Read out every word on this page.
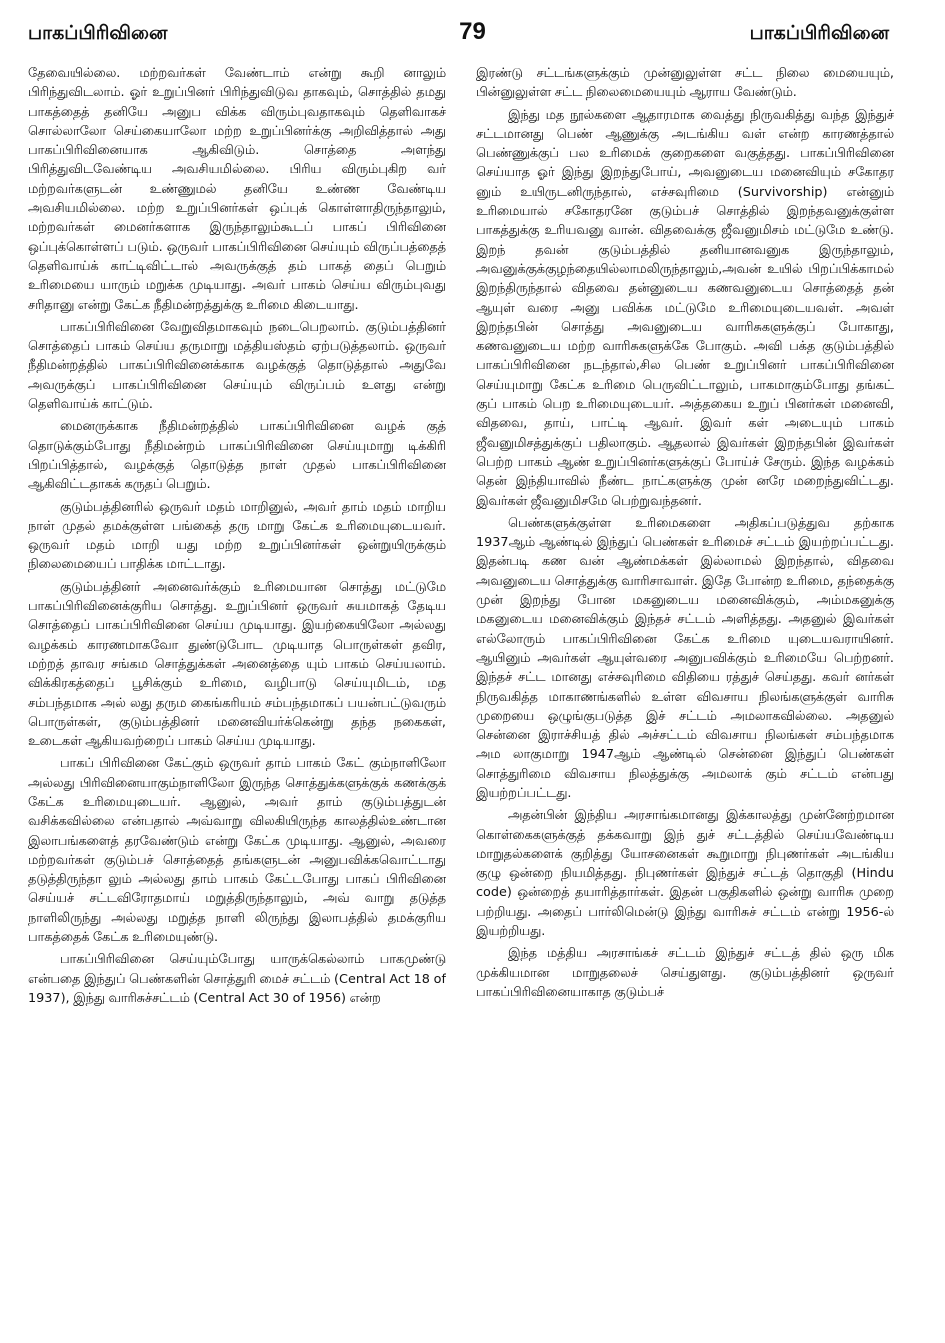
பாகப்பிரிவினை	79	பாகப்பிரிவினை

தேவையில்லை. மற்றவர்கள் வேண்டாம் என்று கூறி னாலும் பிரிந்துவிடலாம். ஓர் உறுப்பினர் பிரிந்துவிடுவ தாகவும், சொத்தில் தமது பாகத்தைத் தனியே அனுப விக்க விரும்புவதாகவும் தெளிவாகச் சொல்லாலோ செய்கையாலோ மற்ற உறுப்பினர்க்கு அறிவித்தால் அது பாகப்பிரிவினையாக ஆகிவிடும். சொத்தை அளந்து பிரித்துவிடவேண்டிய அவசியமில்லை. பிரிய விரும்புகிற வர் மற்றவர்களுடன் உண்ணுமல் தனியே உண்ண வேண்டிய அவசியமில்லை. மற்ற உறுப்பினர்கள் ஒப்புக் கொள்ளாதிருந்தாலும், மற்றவர்கள் மைனர்களாக இருந்தாலும்கூடப் பாகப் பிரிவினை ஒப்புக்கொள்ளப் படும். ஒருவர் பாகப்பிரிவினை செய்யும் விருப்பத்தைத் தெளிவாய்க் காட்டிவிட்டால் அவருக்குத் தம் பாகத் தைப் பெறும் உரிமையை யாரும் மறுக்க முடியாது. அவர் பாகம் செய்ய விரும்புவது சரிதானு என்று கேட்க நீதிமன்றத்துக்கு உரிமை கிடையாது.

பாகப்பிரிவினை வேறுவிதமாகவும் நடைபெறலாம். குடும்பத்தினர் சொத்தைப் பாகம் செய்ய தருமாறு மத்தியஸ்தம் ஏற்படுத்தலாம். ஒருவர் நீதிமன்றத்தில் பாகப்பிரிவினைக்காக வழக்குத் தொடுத்தால் அதுவே அவருக்குப் பாகப்பிரிவினை செய்யும் விருப்பம் உளது என்று தெளிவாய்க் காட்டும்.

மைனருக்காக நீதிமன்றத்தில் பாகப்பிரிவினை வழக் குத் தொடுக்கும்போது நீதிமன்றம் பாகப்பிரிவினை செய்யுமாறு டிக்கிரி பிறப்பித்தால், வழக்குத் தொடுத்த நாள் முதல் பாகப்பிரிவினை ஆகிவிட்டதாகக் கருதப் பெறும்.

குடும்பத்தினரில் ஒருவர் மதம் மாறினுல், அவர் தாம் மதம் மாறிய நாள் முதல் தமக்குள்ள பங்கைத் தரு மாறு கேட்க உரிமையுடையவர். ஒருவர் மதம் மாறி யது மற்ற உறுப்பினர்கள் ஒன்றுயிருக்கும் நிலைமையைப் பாதிக்க மாட்டாது.

குடும்பத்தினர் அனைவர்க்கும் உரிமையான சொத்து மட்டுமே பாகப்பிரிவினைக்குரிய சொத்து. உறுப்பினர் ஒருவர் சுயமாகத் தேடிய சொத்தைப் பாகப்பிரிவினை செய்ய முடியாது. இயற்கையிலோ அல்லது வழக்கம் காரணமாகவோ துண்டுபோட முடியாத பொருள்கள் தவிர, மற்றத் தாவர சங்கம சொத்துக்கள் அனைத்தை யும் பாகம் செய்யலாம். விக்கிரகத்தைப் பூசிக்கும் உரிமை, வழிபாடு செய்யுமிடம், மத சம்பந்தமாக அல் லது தரும கைங்கரியம் சம்பந்தமாகப் பயன்பட்டுவரும் பொருள்கள், குடும்பத்தினர் மனைவியர்க்கென்று தந்த நகைகள், உடைகள் ஆகியவற்றைப் பாகம் செய்ய முடியாது.

பாகப் பிரிவினை கேட்கும் ஒருவர் தாம் பாகம் கேட் கும்நாளிலோ அல்லது பிரிவினையாகும்நாளிலோ இருந்த சொத்துக்களுக்குக் கணக்குக் கேட்க உரிமையுடையர். ஆனுல், அவர் தாம் குடும்பத்துடன் வசிக்கவில்லை என்பதால் அவ்வாறு விலகியிருந்த காலத்தில்உண்டான இலாபங்களைத் தரவேண்டும் என்று கேட்க முடியாது. ஆனுல், அவரை மற்றவர்கள் குடும்பச் சொத்தைத் தங்களுடன் அனுபவிக்கவொட்டாது தடுத்திருந்தா லும் அல்லது தாம் பாகம் கேட்டபோது பாகப் பிரிவினை செய்யச் சட்டவிரோதமாய் மறுத்திருந்தாலும், அவ் வாறு தடுத்த நாளிலிருந்து அல்லது மறுத்த நாளி லிருந்து இலாபத்தில் தமக்குரிய பாகத்தைக் கேட்க உரிமையுண்டு.

பாகப்பிரிவினை செய்யும்போது யாருக்கெல்லாம் பாகமுண்டு என்பதை இந்துப் பெண்களின் சொத்துரி மைச் சட்டம் (Central Act 18 of 1937), இந்து வாரிசுச்சட்டம் (Central Act 30 of 1956) என்ற

இரண்டு சட்டங்களுக்கும் முன்னுலுள்ள சட்ட நிலை மையையும், பின்னுலுள்ள சட்ட நிலைமையையும் ஆராய வேண்டும்.

இந்து மத நூல்களை ஆதாரமாக வைத்து நிருவகித்து வந்த இந்துச் சட்டமானது பெண் ஆணுக்கு அடங்கிய வள் என்ற காரணத்தால் பெண்ணுக்குப் பல உரிமைக் குறைகளை வகுத்தது. பாகப்பிரிவினை செய்யாத ஓர் இந்து இறந்துபோய், அவனுடைய மனைவியும் சகோதர னும் உயிருடனிருந்தால், எச்சவுரிமை (Survivorship) என்னும் உரிமையால் சகோதரனே குடும்பச் சொத்தில் இறந்தவனுக்குள்ள பாகத்துக்கு உரியவனு வான். விதவைக்கு ஜீவனுமிசம் மட்டுமே உண்டு. இறந் தவன் குடும்பத்தில் தனியானவனுக இருந்தாலும், அவனுக்குக்குழந்தையில்லாமலிருந்தாலும்,அவன் உயில் பிறப்பிக்காமல் இறந்திருந்தால் விதவை தன்னுடைய கணவனுடைய சொத்தைத் தன் ஆயுள் வரை அனு பவிக்க மட்டுமே உரிமையுடையவள். அவள் இறந்தபின் சொத்து அவனுடைய வாரிசுகளுக்குப் போகாது, கணவனுடைய மற்ற வாரிசுகளுக்கே போகும். அவி பக்த குடும்பத்தில் பாகப்பிரிவினை நடந்தால்,சில பெண் உறுப்பினர் பாகப்பிரிவினை செய்யுமாறு கேட்க உரிமை பெருவிட்டாலும், பாகமாகும்போது தங்கட் குப் பாகம் பெற உரிமையுடையர். அத்தகைய உறுப் பினர்கள் மனைவி, விதவை, தாய், பாட்டி ஆவர். இவர் கள் அடையும் பாகம் ஜீவனுமிசத்துக்குப் பதிலாகும். ஆதலால் இவர்கள் இறந்தபின் இவர்கள் பெற்ற பாகம் ஆண் உறுப்பினர்களுக்குப் போய்ச் சேரும். இந்த வழக்கம் தென் இந்தியாவில் நீண்ட நாட்களுக்கு முன் னரே மறைந்துவிட்டது. இவர்கள் ஜீவனுமிசமே பெற்றுவந்தனர்.

பெண்களுக்குள்ள உரிமைகளை அதிகப்படுத்துவ தற்காக 1937ஆம் ஆண்டில் இந்துப் பெண்கள் உரிமைச் சட்டம் இயற்றப்பட்டது. இதன்படி கண வன் ஆண்மக்கள் இல்லாமல் இறந்தால், விதவை அவனுடைய சொத்துக்கு வாரிசாவாள். இதே போன்ற உரிமை, தந்தைக்கு முன் இறந்து போன மகனுடைய மனைவிக்கும், அம்மகனுக்கு மகனுடைய மனைவிக்கும் இந்தச் சட்டம் அளித்தது. அதனுல் இவர்கள் எல்லோரும் பாகப்பிரிவினை கேட்க உரிமை யுடையவராயினர். ஆயினும் அவர்கள் ஆயுள்வரை அனுபவிக்கும் உரிமையே பெற்றனர். இந்தச் சட்ட மானது எச்சவுரிமை விதியை ரத்துச் செய்தது. கவர் னர்கள் நிருவகித்த மாகாணங்களில் உள்ள விவசாய நிலங்களுக்குள் வாரிசு முறையை ஒழுங்குபடுத்த இச் சட்டம் அமலாகவில்லை. அதனுல் சென்னை இராச்சியத் தில் அச்சட்டம் விவசாய நிலங்கள் சம்பந்தமாக அம லாகுமாறு 1947ஆம் ஆண்டில் சென்னை இந்துப் பெண்கள் சொத்துரிமை விவசாய நிலத்துக்கு அமலாக் கும் சட்டம் என்பது இயற்றப்பட்டது.

அதன்பின் இந்திய அரசாங்கமானது இக்காலத்து முன்னேற்றமான கொள்கைகளுக்குத் தக்கவாறு இந் துச் சட்டத்தில் செய்யவேண்டிய மாறுதல்களைக் குறித்து யோசனைகள் கூறுமாறு நிபுணர்கள் அடங்கிய குழு ஒன்றை நியமித்தது. நிபுணர்கள் இந்துச் சட்டத் தொகுதி (Hindu code) ஒன்றைத் தயாரித்தார்கள். இதன் பகுதிகளில் ஒன்று வாரிசு முறை பற்றியது. அதைப் பார்லிமென்டு இந்து வாரிசுச் சட்டம் என்று 1956-ல் இயற்றியது.

இந்த மத்திய அரசாங்கச் சட்டம் இந்துச் சட்டத் தில் ஒரு மிக முக்கியமான மாறுதலைச் செய்துளது. குடும்பத்தினர் ஒருவர் பாகப்பிரிவினையாகாத குடும்பச்
